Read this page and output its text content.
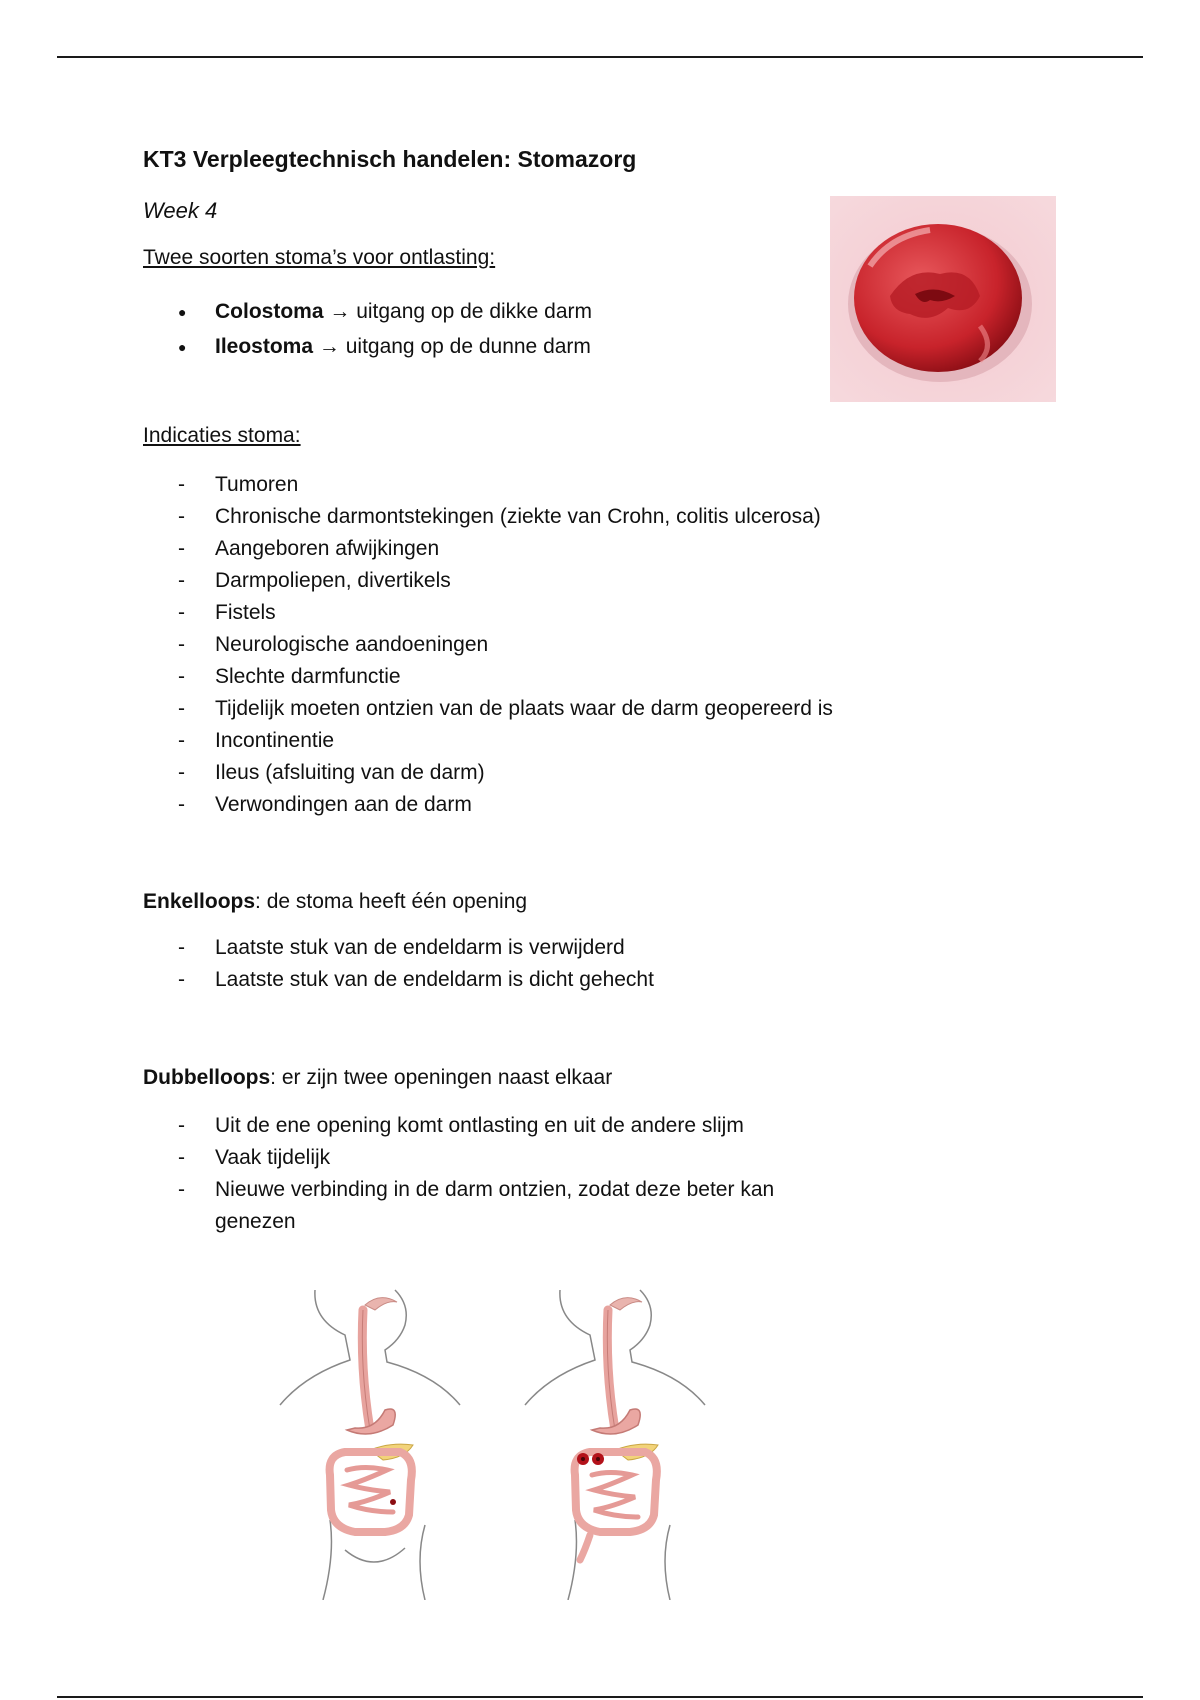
KT3 Verpleegtechnisch handelen: Stomazorg
Week 4
Twee soorten stoma’s voor ontlasting:
●	Colostoma
→
uitgang op de dikke darm
●	Ileostoma
→
uitgang op de dunne darm
Indicaties stoma:
-	Tumoren
-	Chronische darmontstekingen (ziekte van Crohn, colitis ulcerosa)
-	Aangeboren afwijkingen
-	Darmpoliepen, divertikels
-	Fistels
-	Neurologische aandoeningen
-	Slechte darmfunctie
-	Tijdelijk moeten ontzien van de plaats waar de darm geopereerd is
-	Incontinentie
-	Ileus (afsluiting van de darm)
-	Verwondingen aan de darm
Enkelloops: de stoma heeft één opening
-	Laatste stuk van de endeldarm is verwijderd
-	Laatste stuk van de endeldarm is dicht gehecht
Dubbelloops: er zijn twee openingen naast elkaar
-	Uit de ene opening komt ontlasting en uit de andere slijm
-	Vaak tijdelijk
-	Nieuwe verbinding in de darm ontzien, zodat deze beter kan
genezen
